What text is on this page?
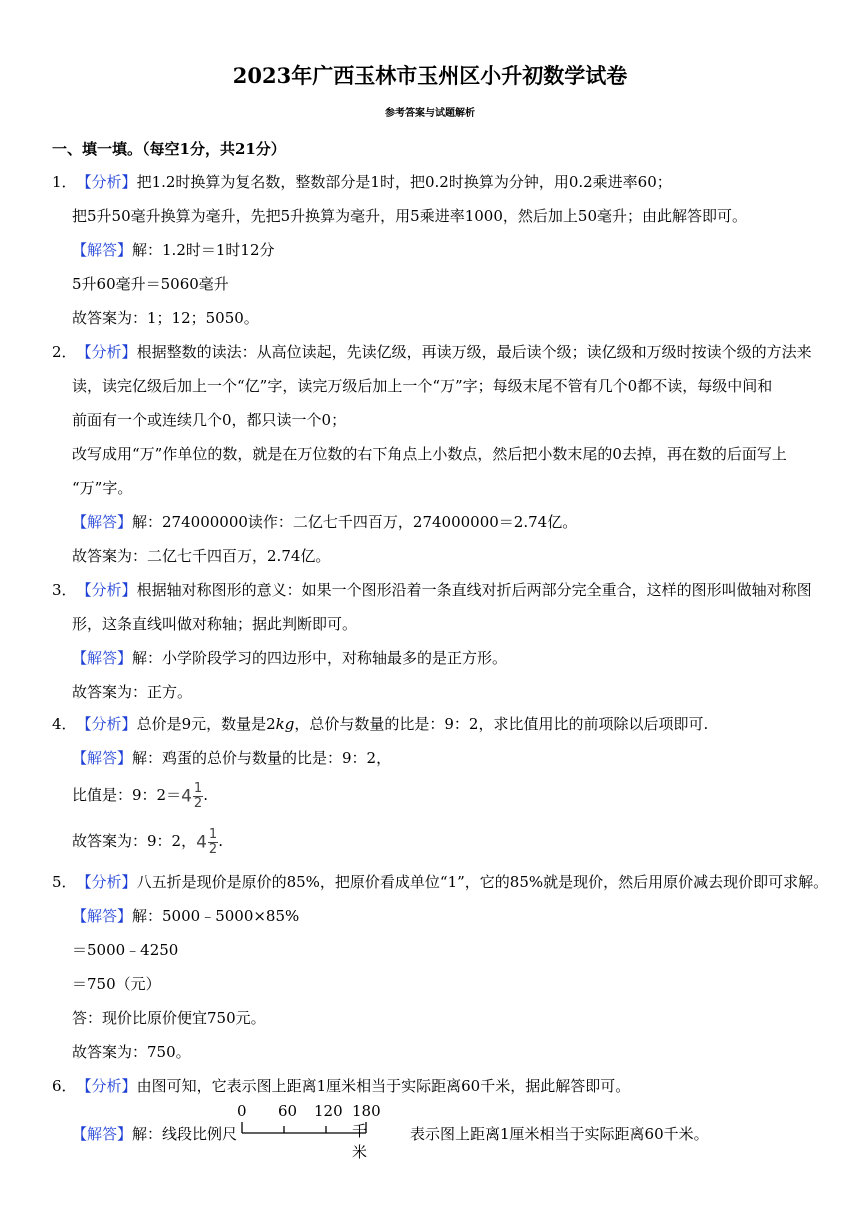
2023年广西玉林市玉州区小升初数学试卷
参考答案与试题解析
一、填一填。（每空1分，共21分）
1．【分析】把1.2时换算为复名数，整数部分是1时，把0.2时换算为分钟，用0.2乘进率60；
把5升50毫升换算为毫升，先把5升换算为毫升，用5乘进率1000，然后加上50毫升；由此解答即可。
【解答】解：1.2时＝1时12分
5升60毫升＝5060毫升
故答案为：1；12；5050。
2．【分析】根据整数的读法：从高位读起，先读亿级，再读万级，最后读个级；读亿级和万级时按读个级的方法来
读，读完亿级后加上一个“亿”字，读完万级后加上一个“万”字；每级末尾不管有几个0都不读，每级中间和
前面有一个或连续几个0，都只读一个0；
改写成用“万”作单位的数，就是在万位数的右下角点上小数点，然后把小数末尾的0去掉，再在数的后面写上
“万”字。
【解答】解：274000000读作：二亿七千四百万，274000000＝2.74亿。
故答案为：二亿七千四百万，2.74亿。
3．【分析】根据轴对称图形的意义：如果一个图形沿着一条直线对折后两部分完全重合，这样的图形叫做轴对称图
形，这条直线叫做对称轴；据此判断即可。
【解答】解：小学阶段学习的四边形中，对称轴最多的是正方形。
故答案为：正方。
4．【分析】总价是9元，数量是2kg，总价与数量的比是：9：2，求比值用比的前项除以后项即可.
【解答】解：鸡蛋的总价与数量的比是：9：2，
比值是：9：$2=4 \frac{1}{2}$ .
故答案为：9：2，$4 \frac{1}{2}$ .
5．【分析】八五折是现价是原价的85%，把原价看成单位“1”，它的85%就是现价，然后用原价减去现价即可求解。
【解答】解：5000﹣5000×85%
＝5000﹣4250
＝750（元）
答：现价比原价便宜750元。
故答案为：750。
6．【分析】由图可知，它表示图上距离1厘米相当于实际距离60千米，据此解答即可。
【解答】解：线段比例尺
0 60 120 180千米
表示图上距离1厘米相当于实际距离60千米。
